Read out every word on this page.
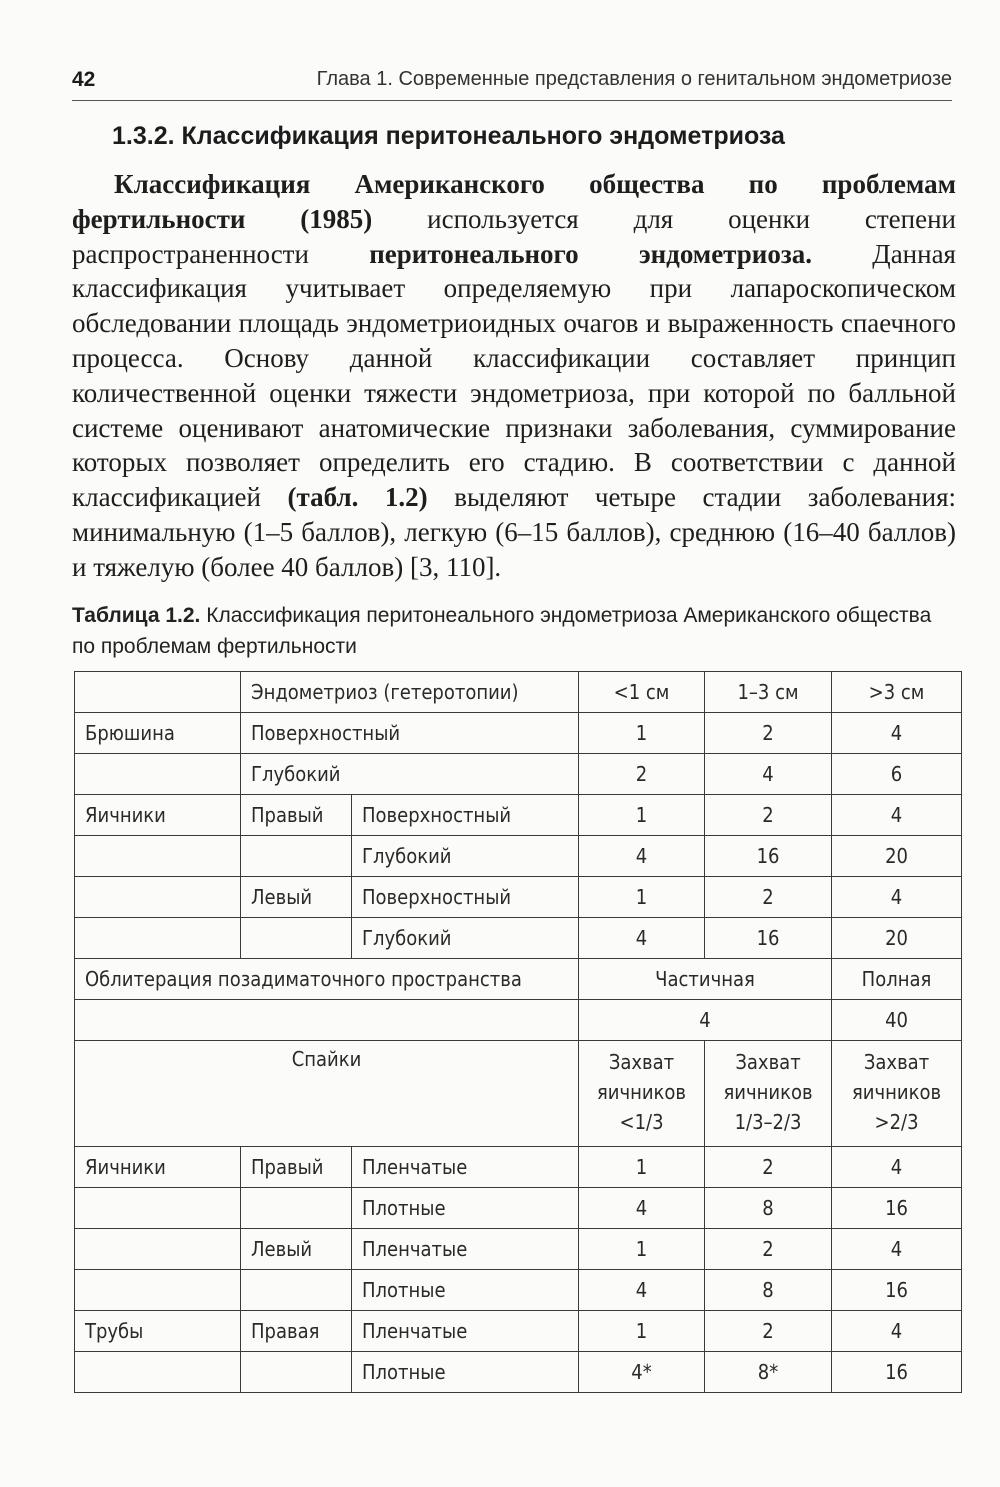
42	Глава 1. Современные представления о генитальном эндометриозе
1.3.2. Классификация перитонеального эндометриоза

Классификация Американского общества по проблемам фертильности (1985) используется для оценки степени распространенности перитонеального эндометриоза. Данная классификация учитывает определяемую при лапароскопическом обследовании площадь эндометриоидных очагов и выраженность спаечного процесса. Основу данной классификации составляет принцип количественной оценки тяжести эндометриоза, при которой по балльной системе оценивают анатомические признаки заболевания, суммирование которых позволяет определить его стадию. В соответствии с данной классификацией (табл. 1.2) выделяют четыре стадии заболевания: минимальную (1–5 баллов), легкую (6–15 баллов), среднюю (16–40 баллов) и тяжелую (более 40 баллов) [3, 110].

Таблица 1.2. Классификация перитонеального эндометриоза Американского общества по проблемам фертильности

	Эндометриоз (гетеротопии)		<1 см	1–3 см	>3 см
Брюшина	Поверхностный		1	2	4
	Глубокий		2	4	6
Яичники	Правый	Поверхностный	1	2	4
		Глубокий	4	16	20
	Левый	Поверхностный	1	2	4
		Глубокий	4	16	20
Облитерация позадиматочного пространства			Частичная		Полная
			4		40
Спайки			Захват яичников <1/3	Захват яичников 1/3–2/3	Захват яичников >2/3
Яичники	Правый	Пленчатые	1	2	4
		Плотные	4	8	16
	Левый	Пленчатые	1	2	4
		Плотные	4	8	16
Трубы	Правая	Пленчатые	1	2	4
		Плотные	4*	8*	16
